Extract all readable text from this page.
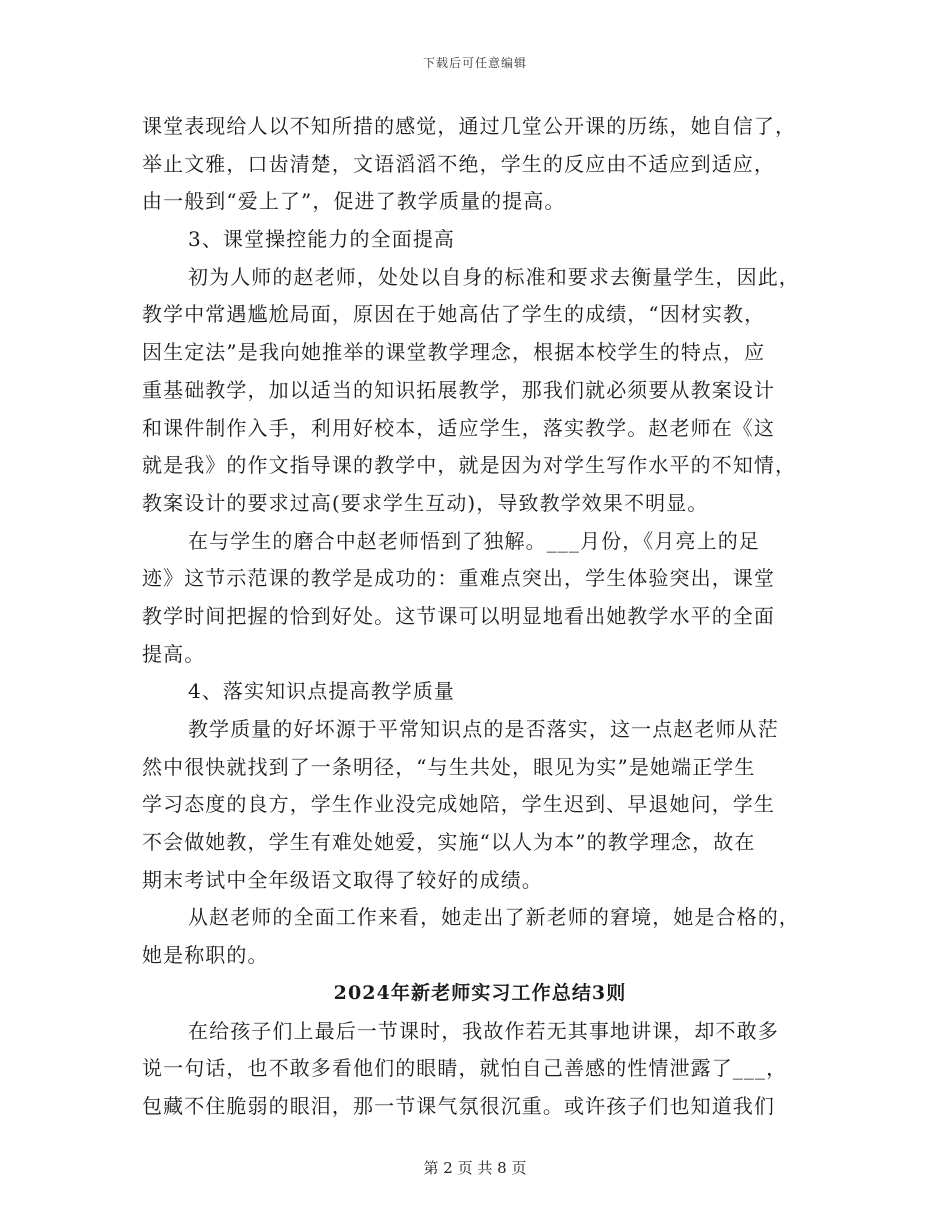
下载后可任意编辑
课堂表现给人以不知所措的感觉，通过几堂公开课的历练，她自信了，
举止文雅，口齿清楚，文语滔滔不绝，学生的反应由不适应到适应，
由一般到“爱上了”，促进了教学质量的提高。
3、课堂操控能力的全面提高
初为人师的赵老师，处处以自身的标准和要求去衡量学生，因此，
教学中常遇尴尬局面，原因在于她高估了学生的成绩，“因材实教，
因生定法”是我向她推举的课堂教学理念，根据本校学生的特点，应
重基础教学，加以适当的知识拓展教学，那我们就必须要从教案设计
和课件制作入手，利用好校本，适应学生，落实教学。赵老师在《这
就是我》的作文指导课的教学中，就是因为对学生写作水平的不知情，
教案设计的要求过高(要求学生互动)，导致教学效果不明显。
在与学生的磨合中赵老师悟到了独解。___月份，《月亮上的足
迹》这节示范课的教学是成功的：重难点突出，学生体验突出，课堂
教学时间把握的恰到好处。这节课可以明显地看出她教学水平的全面
提高。
4、落实知识点提高教学质量
教学质量的好坏源于平常知识点的是否落实，这一点赵老师从茫
然中很快就找到了一条明径，“与生共处，眼见为实”是她端正学生
学习态度的良方，学生作业没完成她陪，学生迟到、早退她问，学生
不会做她教，学生有难处她爱，实施“以人为本”的教学理念，故在
期末考试中全年级语文取得了较好的成绩。
从赵老师的全面工作来看，她走出了新老师的窘境，她是合格的，
她是称职的。
2024年新老师实习工作总结3则
在给孩子们上最后一节课时，我故作若无其事地讲课，却不敢多
说一句话，也不敢多看他们的眼睛，就怕自己善感的性情泄露了___，
包藏不住脆弱的眼泪，那一节课气氛很沉重。或许孩子们也知道我们
第 2 页 共 8 页
